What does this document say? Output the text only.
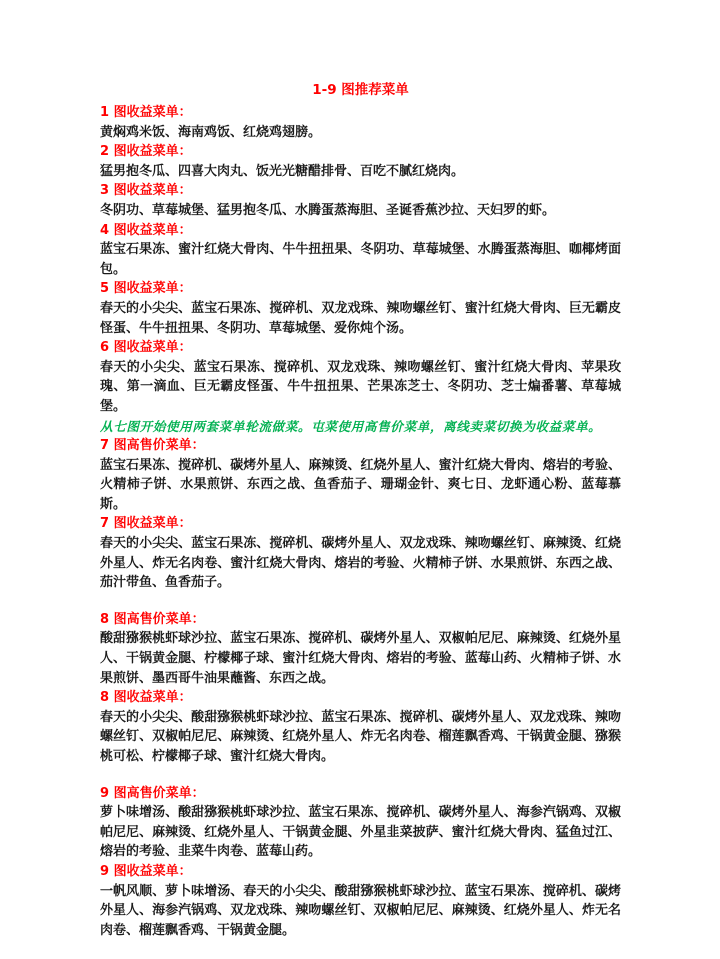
1-9 图推荐菜单

1 图收益菜单：

黄焖鸡米饭、海南鸡饭、红烧鸡翅膀。

2 图收益菜单：

猛男抱冬瓜、四喜大肉丸、饭光光糖醋排骨、百吃不腻红烧肉。

3 图收益菜单：

冬阴功、草莓城堡、猛男抱冬瓜、水腾蛋蒸海胆、圣诞香蕉沙拉、天妇罗的虾。

4 图收益菜单：

蓝宝石果冻、蜜汁红烧大骨肉、牛牛扭扭果、冬阴功、草莓城堡、水腾蛋蒸海胆、咖椰烤面包。

5 图收益菜单：

春天的小尖尖、蓝宝石果冻、搅碎机、双龙戏珠、辣吻螺丝钉、蜜汁红烧大骨肉、巨无霸皮怪蛋、牛牛扭扭果、冬阴功、草莓城堡、爱你炖个汤。

6 图收益菜单：

春天的小尖尖、蓝宝石果冻、搅碎机、双龙戏珠、辣吻螺丝钉、蜜汁红烧大骨肉、苹果玫瑰、第一滴血、巨无霸皮怪蛋、牛牛扭扭果、芒果冻芝士、冬阴功、芝士煸番薯、草莓城堡。

从七图开始使用两套菜单轮流做菜。屯菜使用高售价菜单，离线卖菜切换为收益菜单。

7 图高售价菜单：

蓝宝石果冻、搅碎机、碳烤外星人、麻辣烫、红烧外星人、蜜汁红烧大骨肉、熔岩的考验、火精柿子饼、水果煎饼、东西之战、鱼香茄子、珊瑚金针、爽七日、龙虾通心粉、蓝莓慕斯。

7 图收益菜单：

春天的小尖尖、蓝宝石果冻、搅碎机、碳烤外星人、双龙戏珠、辣吻螺丝钉、麻辣烫、红烧外星人、炸无名肉卷、蜜汁红烧大骨肉、熔岩的考验、火精柿子饼、水果煎饼、东西之战、茄汁带鱼、鱼香茄子。

8 图高售价菜单：

酸甜猕猴桃虾球沙拉、蓝宝石果冻、搅碎机、碳烤外星人、双椒帕尼尼、麻辣烫、红烧外星人、干锅黄金腿、柠檬椰子球、蜜汁红烧大骨肉、熔岩的考验、蓝莓山药、火精柿子饼、水果煎饼、墨西哥牛油果蘸酱、东西之战。

8 图收益菜单：

春天的小尖尖、酸甜猕猴桃虾球沙拉、蓝宝石果冻、搅碎机、碳烤外星人、双龙戏珠、辣吻螺丝钉、双椒帕尼尼、麻辣烫、红烧外星人、炸无名肉卷、榴莲飘香鸡、干锅黄金腿、猕猴桃可松、柠檬椰子球、蜜汁红烧大骨肉。

9 图高售价菜单：

萝卜味增汤、酸甜猕猴桃虾球沙拉、蓝宝石果冻、搅碎机、碳烤外星人、海参汽锅鸡、双椒帕尼尼、麻辣烫、红烧外星人、干锅黄金腿、外星韭菜披萨、蜜汁红烧大骨肉、猛鱼过江、熔岩的考验、韭菜牛肉卷、蓝莓山药。

9 图收益菜单：

一帆风顺、萝卜味增汤、春天的小尖尖、酸甜猕猴桃虾球沙拉、蓝宝石果冻、搅碎机、碳烤外星人、海参汽锅鸡、双龙戏珠、辣吻螺丝钉、双椒帕尼尼、麻辣烫、红烧外星人、炸无名肉卷、榴莲飘香鸡、干锅黄金腿。
